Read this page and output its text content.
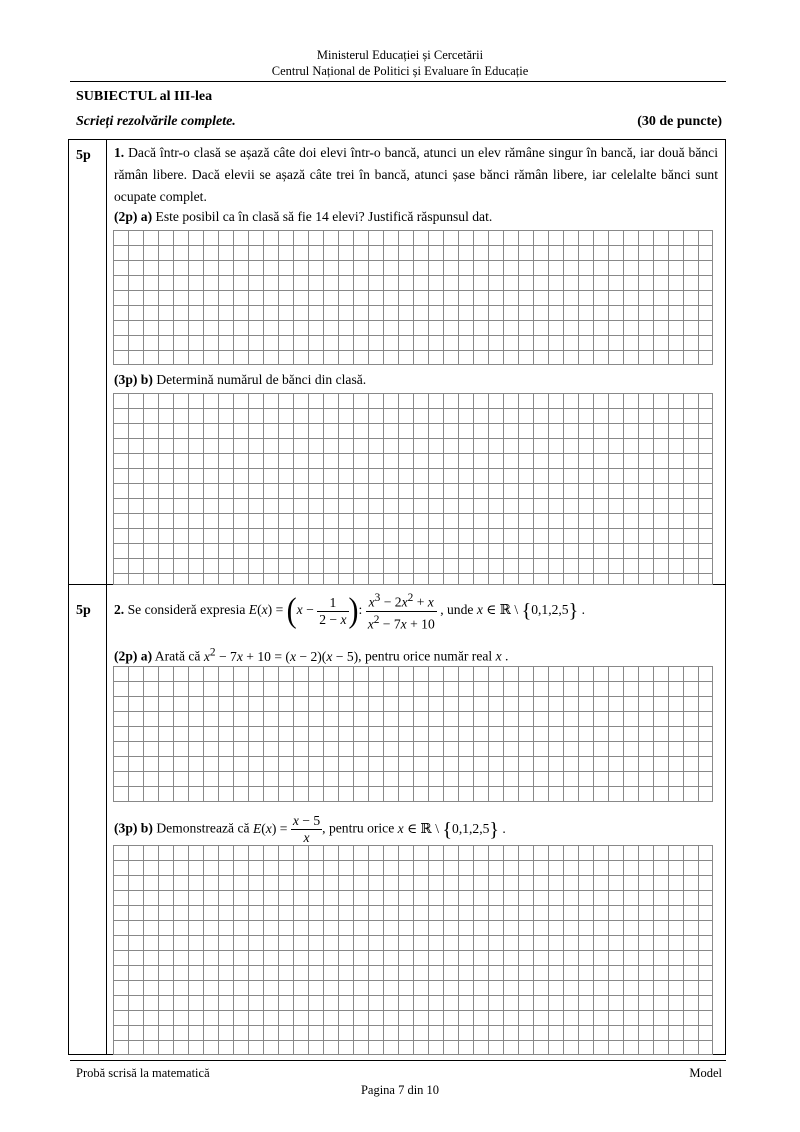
Ministerul Educației și Cercetării
Centrul Național de Politici și Evaluare în Educație
SUBIECTUL al III-lea
Scrieți rezolvările complete.	(30 de puncte)
5p 1. Dacă într-o clasă se așază câte doi elevi într-o bancă, atunci un elev rămâne singur în bancă, iar două bănci rămân libere. Dacă elevii se așază câte trei în bancă, atunci șase bănci rămân libere, iar celelalte bănci sunt ocupate complet.
(2p) a) Este posibil ca în clasă să fie 14 elevi? Justifică răspunsul dat.
(3p) b) Determină numărul de bănci din clasă.
5p 2. Se consideră expresia $E(x) = (x - \frac{1}{2 - x}$ ): $\frac{x^3 - 2x^2 + x}{x^2 - 7x + 10}$ , unde x ∈ ℝ \ {0,1,2,5} .
(2p) a) Arată că $x^2 - 7x + 10 = (x - 2)(x - 5)$, pentru orice număr real x .
(3p) b) Demonstrează că $E(x) = \frac{x - 5}{x}$ , pentru orice x ∈ ℝ \ {0,1,2,5} .
Probă scrisă la matematică	Model
Pagina 7 din 10
